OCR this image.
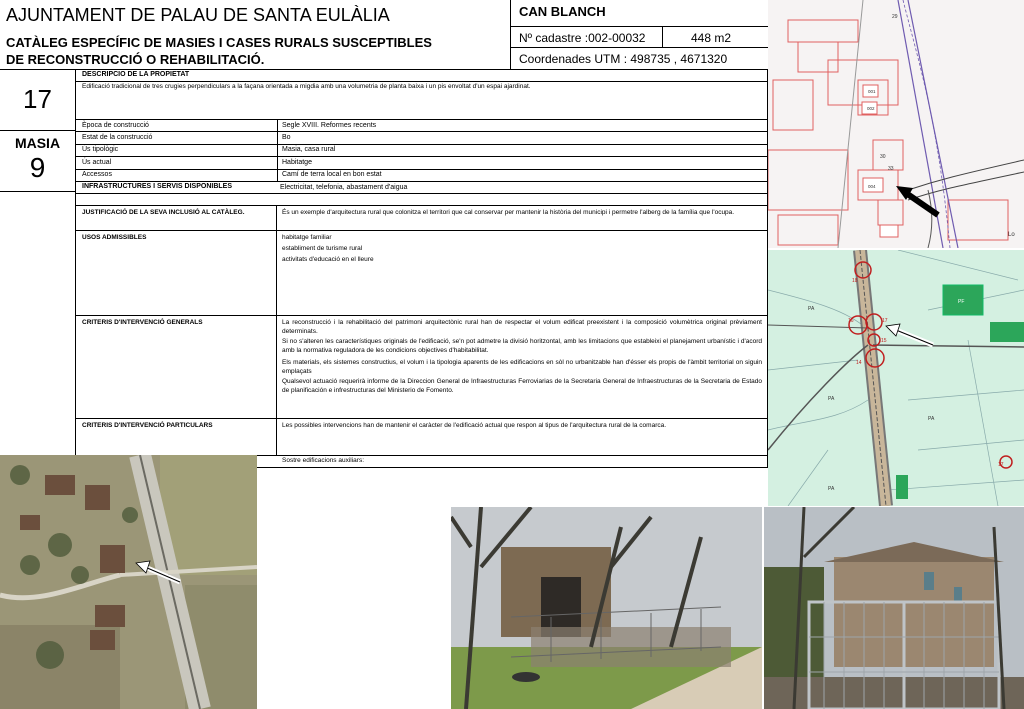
AJUNTAMENT DE PALAU DE SANTA EULÀLIA
CATÀLEG ESPECÍFIC DE MASIES I CASES RURALS SUSCEPTIBLES
DE RECONSTRUCCIÓ O REHABILITACIÓ.
CAN BLANCH
Nº cadastre :002-00032	448 m2
Coordenades UTM : 498735 , 4671320
17
MASIA
9
DESCRIPCIO DE LA PROPIETAT
Edificació tradicional de tres crugies perpendiculars a la façana orientada a migdia amb una volumetria de planta baixa i un pis envoltat d'un espai ajardinat.
Època de construcció	Segle XVIII. Reformes recents
Estat de la construcció	Bo
Ús tipològic	Masia, casa rural
Ús actual	Habitatge
Accessos	Camí de terra local en bon estat
INFRASTRUCTURES I SERVIS DISPONIBLES	Electricitat, telefonia, abastament d'aigua
JUSTIFICACIÓ DE LA SEVA INCLUSIÓ AL CATÀLEG.	És un exemple d'arquitectura rural que colonitza el territori que cal conservar per mantenir la història del municipi i permetre l'alberg de la família que l'ocupa.
USOS ADMISSIBLES	habitatge familiar
establiment de turisme rural
activitats d'educació en el lleure
CRITERIS D'INTERVENCIÓ GENERALS	La reconstrucció i la rehabilitació del patrimoni arquitectònic rural han de respectar el volum edificat preexistent i la composició volumètrica original prèviament determinats.
Si no s'alteren les característiques originals de l'edificació, se'n pot admetre la divisió horitzontal, amb les limitacions que estableixi el planejament urbanístic i d'acord amb la normativa reguladora de les condicions objectives d'habitabilitat.
Els materials, els sistemes constructius, el volum i la tipologia aparents de les edificacions en sòl no urbanitzable han d'ésser els propis de l'àmbit territorial on siguin emplaçats
Qualsevol actuació requerirà informe de la Direccion General de Infraestructuras Ferroviarias de la Secretaria General de Infraestructuras de la Secretaria de Estado de planificación e infrestructuras del Ministerio de Fomento.
CRITERIS D'INTERVENCIÓ PARTICULARS	Les possibles intervencions han de mantenir el caràcter de l'edificació actual que respon al tipus de l'arquitectura rural de la comarca.
Sostre edificacions auxiliars:
29
001
002
30
33
004
Lo
18
16	17
15
14
17
PA
PA
PA
PF
PA
